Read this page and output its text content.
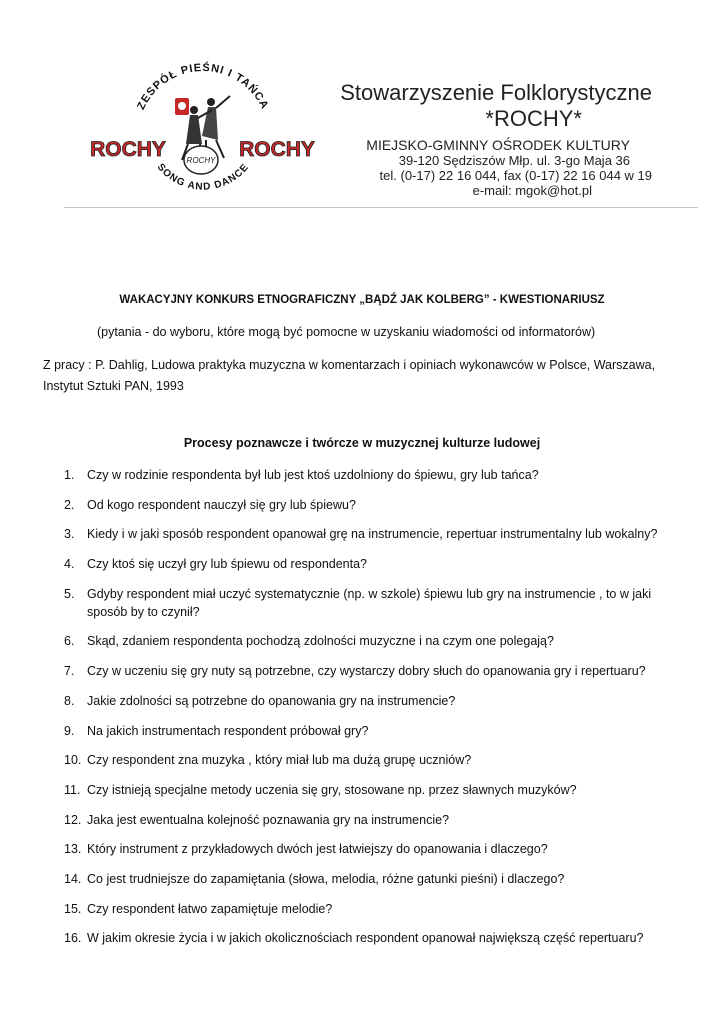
ZESPÓŁ PIEŚNI I TAŃCA
SONG AND DANCE
ROCHY
ROCHY	ROCHY
Stowarzyszenie Folklorystyczne
*ROCHY*
MIEJSKO-GMINNY OŚRODEK KULTURY
39-120 Sędziszów Młp. ul. 3-go Maja 36
tel. (0-17) 22 16 044, fax (0-17) 22 16 044 w 19
e-mail: mgok@hot.pl
WAKACYJNY KONKURS ETNOGRAFICZNY „BĄDŹ JAK KOLBERG” - KWESTIONARIUSZ
(pytania - do wyboru, które mogą być pomocne w uzyskaniu wiadomości od informatorów)
Z pracy : P. Dahlig, Ludowa praktyka muzyczna w komentarzach i opiniach wykonawców w Polsce, Warszawa, Instytut Sztuki PAN, 1993
Procesy poznawcze i twórcze w muzycznej kulturze ludowej
1.	Czy w rodzinie respondenta był lub jest ktoś uzdolniony do śpiewu, gry lub tańca?
2.	Od kogo respondent nauczył się gry lub śpiewu?
3.	Kiedy i w jaki sposób respondent opanował grę na instrumencie, repertuar instrumentalny lub wokalny?
4.	Czy ktoś się uczył gry lub śpiewu od respondenta?
5.	Gdyby respondent miał uczyć systematycznie (np. w szkole) śpiewu lub gry na instrumencie , to w jaki sposób by to czynił?
6.	Skąd, zdaniem respondenta pochodzą zdolności muzyczne i na czym one polegają?
7.	Czy w uczeniu się gry nuty są potrzebne, czy wystarczy dobry słuch do opanowania gry i repertuaru?
8.	Jakie zdolności są potrzebne do opanowania gry na instrumencie?
9.	Na jakich instrumentach respondent próbował gry?
10. Czy respondent zna muzyka , który miał lub ma dużą grupę uczniów?
11. Czy istnieją specjalne metody uczenia się gry, stosowane np. przez sławnych muzyków?
12. Jaka jest ewentualna kolejność poznawania gry na instrumencie?
13. Który instrument z przykładowych dwóch jest łatwiejszy do opanowania i dlaczego?
14. Co jest trudniejsze do zapamiętania (słowa, melodia, różne gatunki pieśni) i dlaczego?
15. Czy respondent łatwo zapamiętuje melodie?
16. W jakim okresie życia i w jakich okolicznościach respondent opanował największą część repertuaru?
